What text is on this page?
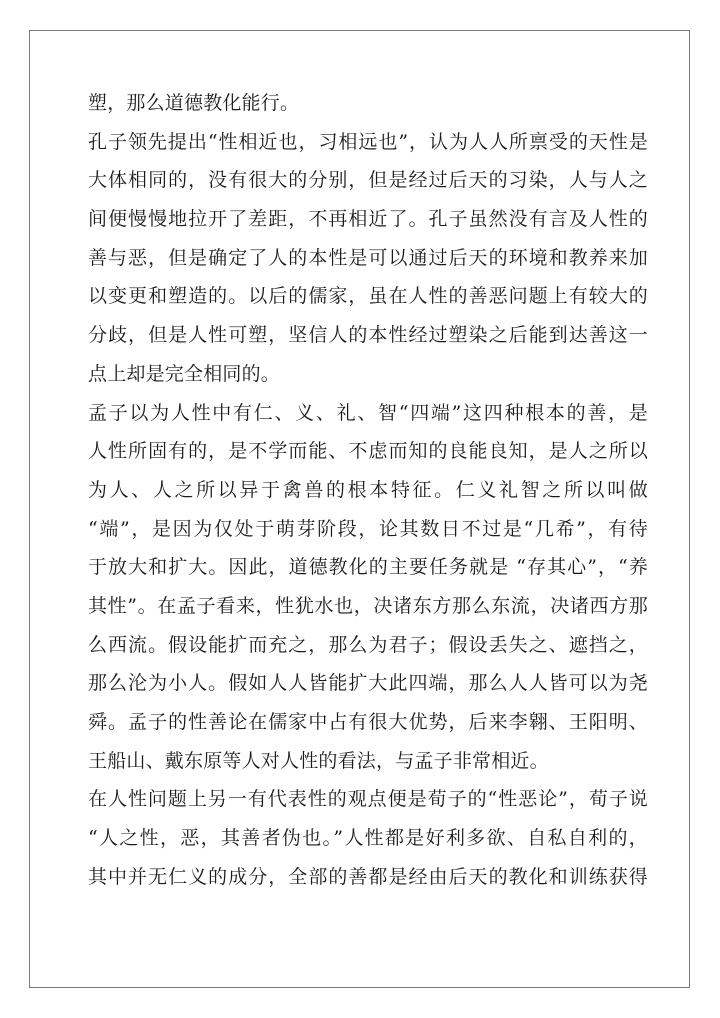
塑，那么道德教化能行。
孔子领先提出“性相近也，习相远也”，认为人人所禀受的天性是
大体相同的，没有很大的分别，但是经过后天的习染，人与人之
间便慢慢地拉开了差距，不再相近了。孔子虽然没有言及人性的
善与恶，但是确定了人的本性是可以通过后天的环境和教养来加
以变更和塑造的。以后的儒家，虽在人性的善恶问题上有较大的
分歧，但是人性可塑，坚信人的本性经过塑染之后能到达善这一
点上却是完全相同的。
孟子以为人性中有仁、义、礼、智“四端”这四种根本的善，是
人性所固有的，是不学而能、不虑而知的良能良知，是人之所以
为人、人之所以异于禽兽的根本特征。仁义礼智之所以叫做
“端”，是因为仅处于萌芽阶段，论其数日不过是“几希”，有待
于放大和扩大。因此，道德教化的主要任务就是 “存其心”，“养
其性”。在孟子看来，性犹水也，决诸东方那么东流，决诸西方那
么西流。假设能扩而充之，那么为君子；假设丢失之、遮挡之，
那么沦为小人。假如人人皆能扩大此四端，那么人人皆可以为尧
舜。孟子的性善论在儒家中占有很大优势，后来李翱、王阳明、
王船山、戴东原等人对人性的看法，与孟子非常相近。
在人性问题上另一有代表性的观点便是荀子的“性恶论”，荀子说
“人之性，恶，其善者伪也。”人性都是好利多欲、自私自利的，
其中并无仁义的成分，全部的善都是经由后天的教化和训练获得
